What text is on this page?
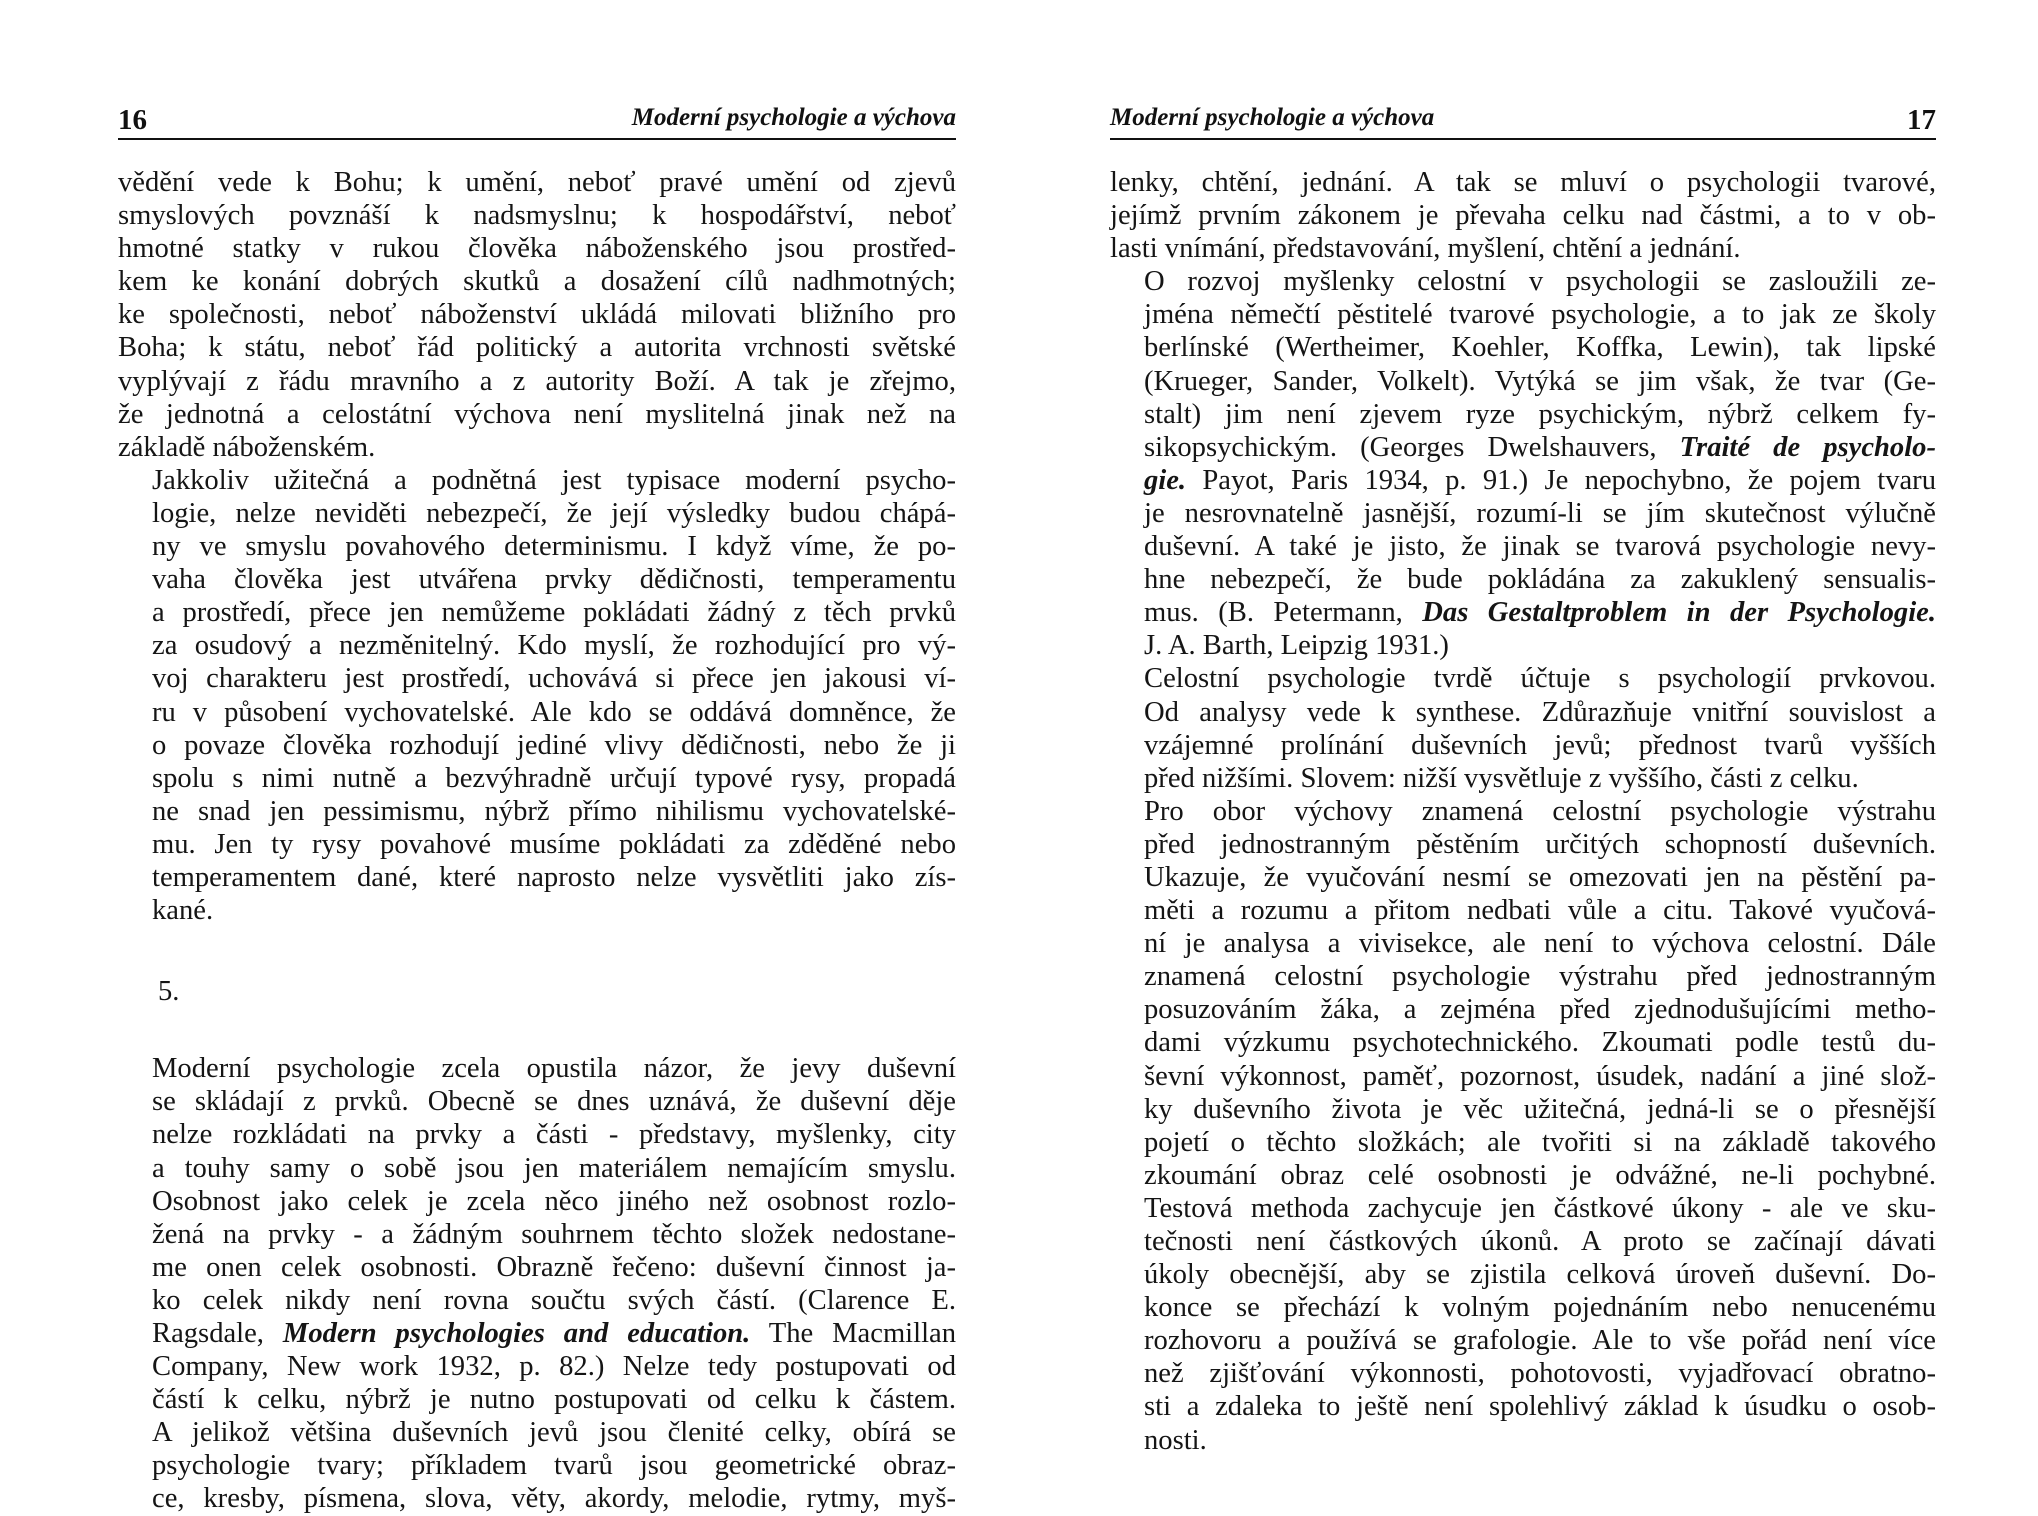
16	Moderní psychologie a výchova

vědění vede k Bohu; k umění, neboť pravé umění od zjevů
smyslových povznáší k nadsmyslnu; k hospodářství, neboť
hmotné statky v rukou člověka náboženského jsou prostřed-
kem ke konání dobrých skutků a dosažení cílů nadhmotných;
ke společnosti, neboť náboženství ukládá milovati bližního pro
Boha; k státu, neboť řád politický a autorita vrchnosti světské
vyplývají z řádu mravního a z autority Boží. A tak je zřejmo,
že jednotná a celostátní výchova není myslitelná jinak než na
základě náboženském.

Jakkoliv užitečná a podnětná jest typisace moderní psycho-
logie, nelze neviděti nebezpečí, že její výsledky budou chápá-
ny ve smyslu povahového determinismu. I když víme, že po-
vaha člověka jest utvářena prvky dědičnosti, temperamentu
a prostředí, přece jen nemůžeme pokládati žádný z těch prvků
za osudový a nezměnitelný. Kdo myslí, že rozhodující pro vý-
voj charakteru jest prostředí, uchovává si přece jen jakousi ví-
ru v působení vychovatelské. Ale kdo se oddává domněnce, že
o povaze člověka rozhodují jediné vlivy dědičnosti, nebo že ji
spolu s nimi nutně a bezvýhradně určují typové rysy, propadá
ne snad jen pessimismu, nýbrž přímo nihilismu vychovatelské-
mu. Jen ty rysy povahové musíme pokládati za zděděné nebo
temperamentem dané, které naprosto nelze vysvětliti jako zís-
kané.

5.

Moderní psychologie zcela opustila názor, že jevy duševní
se skládají z prvků. Obecně se dnes uznává, že duševní děje
nelze rozkládati na prvky a části - představy, myšlenky, city
a touhy samy o sobě jsou jen materiálem nemajícím smyslu.
Osobnost jako celek je zcela něco jiného než osobnost rozlo-
žená na prvky - a žádným souhrnem těchto složek nedostane-
me onen celek osobnosti. Obrazně řečeno: duševní činnost ja-
ko celek nikdy není rovna součtu svých částí. (Clarence E.
Ragsdale, Modern psychologies and education. The Macmillan
Company, New work 1932, p. 82.) Nelze tedy postupovati od
částí k celku, nýbrž je nutno postupovati od celku k částem.
A jelikož většina duševních jevů jsou členité celky, obírá se
psychologie tvary; příkladem tvarů jsou geometrické obraz-
ce, kresby, písmena, slova, věty, akordy, melodie, rytmy, myš-

Moderní psychologie a výchova	17

lenky, chtění, jednání. A tak se mluví o psychologii tvarové,
jejímž prvním zákonem je převaha celku nad částmi, a to v ob-
lasti vnímání, představování, myšlení, chtění a jednání.

O rozvoj myšlenky celostní v psychologii se zasloužili ze-
jména němečtí pěstitelé tvarové psychologie, a to jak ze školy
berlínské (Wertheimer, Koehler, Koffka, Lewin), tak lipské
(Krueger, Sander, Volkelt). Vytýká se jim však, že tvar (Ge-
stalt) jim není zjevem ryze psychickým, nýbrž celkem fy-
sikopsychickým. (Georges Dwelshauvers, Traité de psycholo-
gie. Payot, Paris 1934, p. 91.) Je nepochybno, že pojem tvaru
je nesrovnatelně jasnější, rozumí-li se jím skutečnost výlučně
duševní. A také je jisto, že jinak se tvarová psychologie nevy-
hne nebezpečí, že bude pokládána za zakuklený sensualis-
mus. (B. Petermann, Das Gestaltproblem in der Psychologie.
J. A. Barth, Leipzig 1931.)

Celostní psychologie tvrdě účtuje s psychologií prvkovou.
Od analysy vede k synthese. Zdůrazňuje vnitřní souvislost a
vzájemné prolínání duševních jevů; přednost tvarů vyšších
před nižšími. Slovem: nižší vysvětluje z vyššího, části z celku.

Pro obor výchovy znamená celostní psychologie výstrahu
před jednostranným pěstěním určitých schopností duševních.
Ukazuje, že vyučování nesmí se omezovati jen na pěstění pa-
měti a rozumu a přitom nedbati vůle a citu. Takové vyučová-
ní je analysa a vivisekce, ale není to výchova celostní. Dále
znamená celostní psychologie výstrahu před jednostranným
posuzováním žáka, a zejména před zjednodušujícími metho-
dami výzkumu psychotechnického. Zkoumati podle testů du-
ševní výkonnost, paměť, pozornost, úsudek, nadání a jiné slož-
ky duševního života je věc užitečná, jedná-li se o přesnější
pojetí o těchto složkách; ale tvořiti si na základě takového
zkoumání obraz celé osobnosti je odvážné, ne-li pochybné.
Testová methoda zachycuje jen částkové úkony - ale ve sku-
tečnosti není částkových úkonů. A proto se začínají dávati
úkoly obecnější, aby se zjistila celková úroveň duševní. Do-
konce se přechází k volným pojednáním nebo nenucenému
rozhovoru a používá se grafologie. Ale to vše pořád není více
než zjišťování výkonnosti, pohotovosti, vyjadřovací obratno-
sti a zdaleka to ještě není spolehlivý základ k úsudku o osob-
nosti.
